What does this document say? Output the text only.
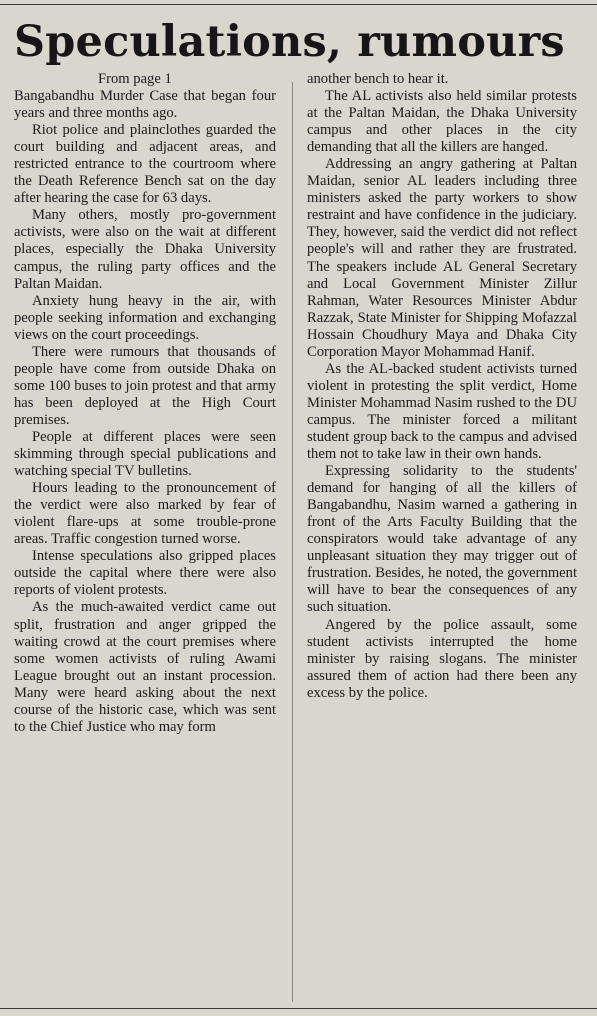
Speculations, rumours

From page 1

Bangabandhu Murder Case that began four years and three months ago.

Riot police and plainclothes guarded the court building and adjacent areas, and restricted entrance to the courtroom where the Death Reference Bench sat on the day after hearing the case for 63 days.

Many others, mostly pro-government activists, were also on the wait at different places, especially the Dhaka University campus, the ruling party offices and the Paltan Maidan.

Anxiety hung heavy in the air, with people seeking information and exchanging views on the court proceedings.

There were rumours that thousands of people have come from outside Dhaka on some 100 buses to join protest and that army has been deployed at the High Court premises.

People at different places were seen skimming through special publications and watching special TV bulletins.

Hours leading to the pronouncement of the verdict were also marked by fear of violent flare-ups at some trouble-prone areas. Traffic congestion turned worse.

Intense speculations also gripped places outside the capital where there were also reports of violent protests.

As the much-awaited verdict came out split, frustration and anger gripped the waiting crowd at the court premises where some women activists of ruling Awami League brought out an instant procession. Many were heard asking about the next course of the historic case, which was sent to the Chief Justice who may form

another bench to hear it.

The AL activists also held similar protests at the Paltan Maidan, the Dhaka University campus and other places in the city demanding that all the killers are hanged.

Addressing an angry gathering at Paltan Maidan, senior AL leaders including three ministers asked the party workers to show restraint and have confidence in the judiciary. They, however, said the verdict did not reflect people's will and rather they are frustrated. The speakers include AL General Secretary and Local Government Minister Zillur Rahman, Water Resources Minister Abdur Razzak, State Minister for Shipping Mofazzal Hossain Choudhury Maya and Dhaka City Corporation Mayor Mohammad Hanif.

As the AL-backed student activists turned violent in protesting the split verdict, Home Minister Mohammad Nasim rushed to the DU campus. The minister forced a militant student group back to the campus and advised them not to take law in their own hands.

Expressing solidarity to the students' demand for hanging of all the killers of Bangabandhu, Nasim warned a gathering in front of the Arts Faculty Building that the conspirators would take advantage of any unpleasant situation they may trigger out of frustration. Besides, he noted, the government will have to bear the consequences of any such situation.

Angered by the police assault, some student activists interrupted the home minister by raising slogans. The minister assured them of action had there been any excess by the police.
